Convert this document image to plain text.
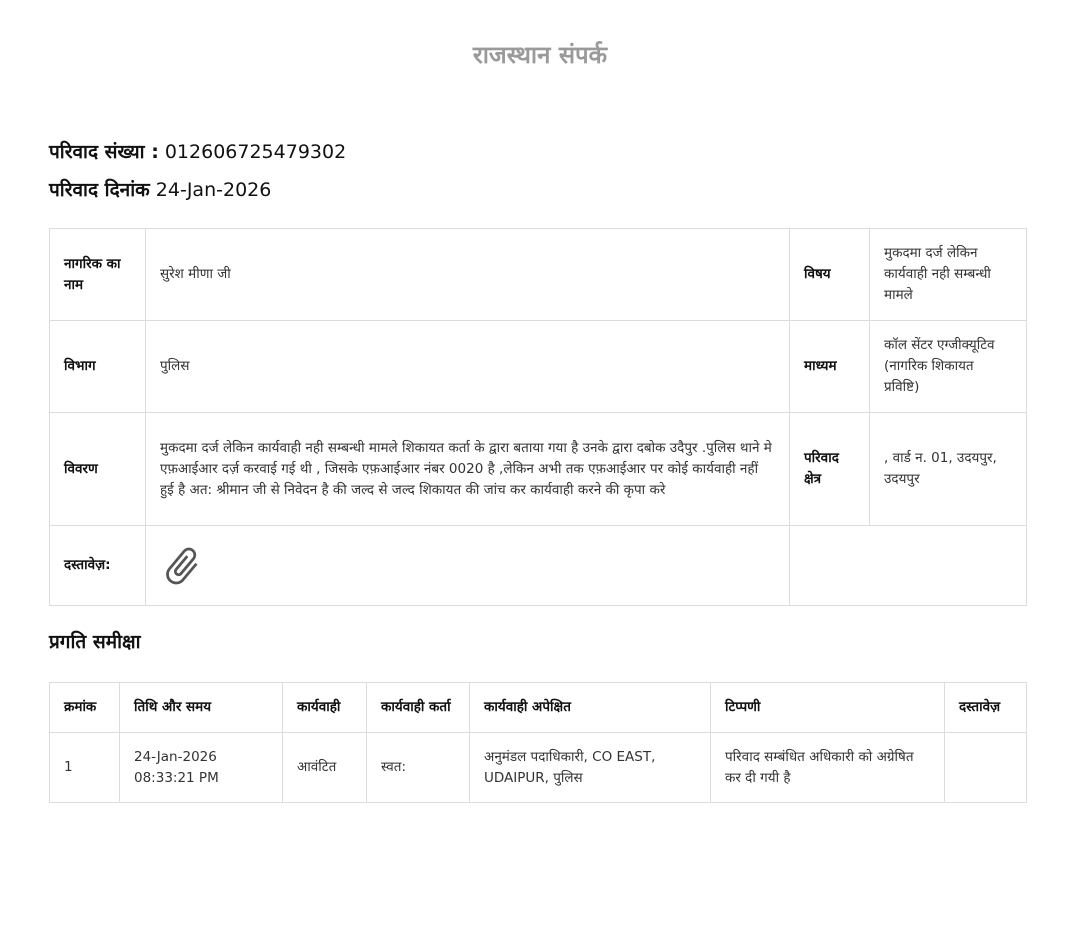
राजस्थान संपर्क

परिवाद संख्या : 012606725479302

परिवाद दिनांक 24-Jan-2026

नागरिक का नाम	सुरेश मीणा जी	विषय	मुकदमा दर्ज लेकिन कार्यवाही नही सम्बन्धी मामले
विभाग	पुलिस	माध्यम	कॉल सेंटर एग्जीक्यूटिव (नागरिक शिकायत प्रविष्टि)
विवरण	मुकदमा दर्ज लेकिन कार्यवाही नही सम्बन्धी मामले शिकायत कर्ता के द्वारा बताया गया है उनके द्वारा दबोक उदैपुर .पुलिस थाने मे एफ़आईआर दर्ज़ करवाई गई थी , जिसके एफ़आईआर नंबर 0020 है ,लेकिन अभी तक एफ़आईआर पर कोई कार्यवाही नहीं हुई है अत: श्रीमान जी से निवेदन है की जल्द से जल्द शिकायत की जांच कर कार्यवाही करने की कृपा करे	परिवाद क्षेत्र	, वार्ड न. 01, उदयपुर, उदयपुर
दस्तावेज़:		
प्रगति समीक्षा
क्रमांक	तिथि और समय	कार्यवाही	कार्यवाही कर्ता	कार्यवाही अपेक्षित	टिप्पणी	दस्तावेज़
1	24-Jan-2026 08:33:21 PM	आवंटित	स्वत:	अनुमंडल पदाधिकारी, CO EAST, UDAIPUR, पुलिस	परिवाद सम्बंधित अधिकारी को अग्रेषित कर दी गयी है	
